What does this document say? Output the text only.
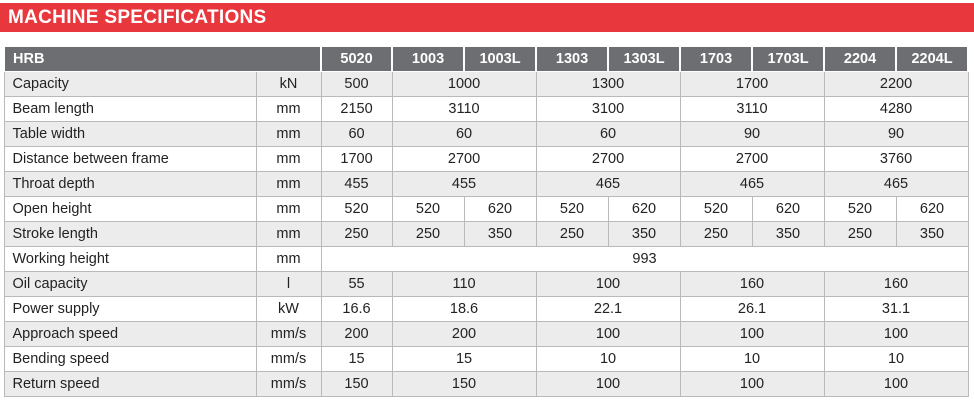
MACHINE SPECIFICATIONS
HRB		5020	1003	1003L	1303	1303L	1703	1703L	2204	2204L
Capacity	kN	500	1000		1300		1700		2200	
Beam length	mm	2150	3110		3100		3110		4280	
Table width	mm	60	60		60		90		90	
Distance between frame	mm	1700	2700		2700		2700		3760	
Throat depth	mm	455	455		465		465		465	
Open height	mm	520	520	620	520	620	520	620	520	620
Stroke length	mm	250	250	350	250	350	250	350	250	350
Working height	mm	993								
Oil capacity	l	55	110		100		160		160	
Power supply	kW	16.6	18.6		22.1		26.1		31.1	
Approach speed	mm/s	200	200		100		100		100	
Bending speed	mm/s	15	15		10		10		10	
Return speed	mm/s	150	150		100		100		100	
